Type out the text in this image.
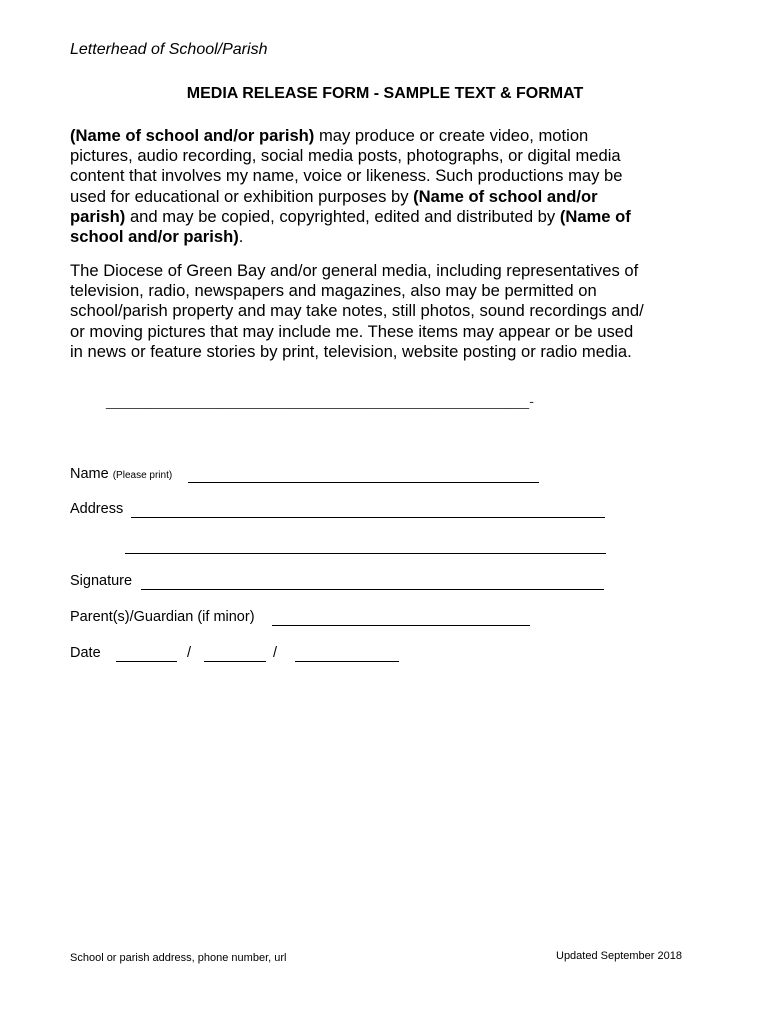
Letterhead of School/Parish
MEDIA RELEASE FORM - SAMPLE TEXT & FORMAT
(Name of school and/or parish) may produce or create video, motion
pictures, audio recording, social media posts, photographs, or digital media
content that involves my name, voice or likeness. Such productions may be
used for educational or exhibition purposes by (Name of school and/or
parish) and may be copied, copyrighted, edited and distributed by (Name of
school and/or parish).
The Diocese of Green Bay and/or general media, including representatives of
television, radio, newspapers and magazines, also may be permitted on
school/parish property and may take notes, still photos, sound recordings and/
or moving pictures that may include me. These items may appear or be used
in news or feature stories by print, television, website posting or radio media.
_____________________________________________________-
Name (Please print)
Address
Signature
Parent(s)/Guardian (if minor)
Date	/	/
School or parish address, phone number, url	Updated September 2018
